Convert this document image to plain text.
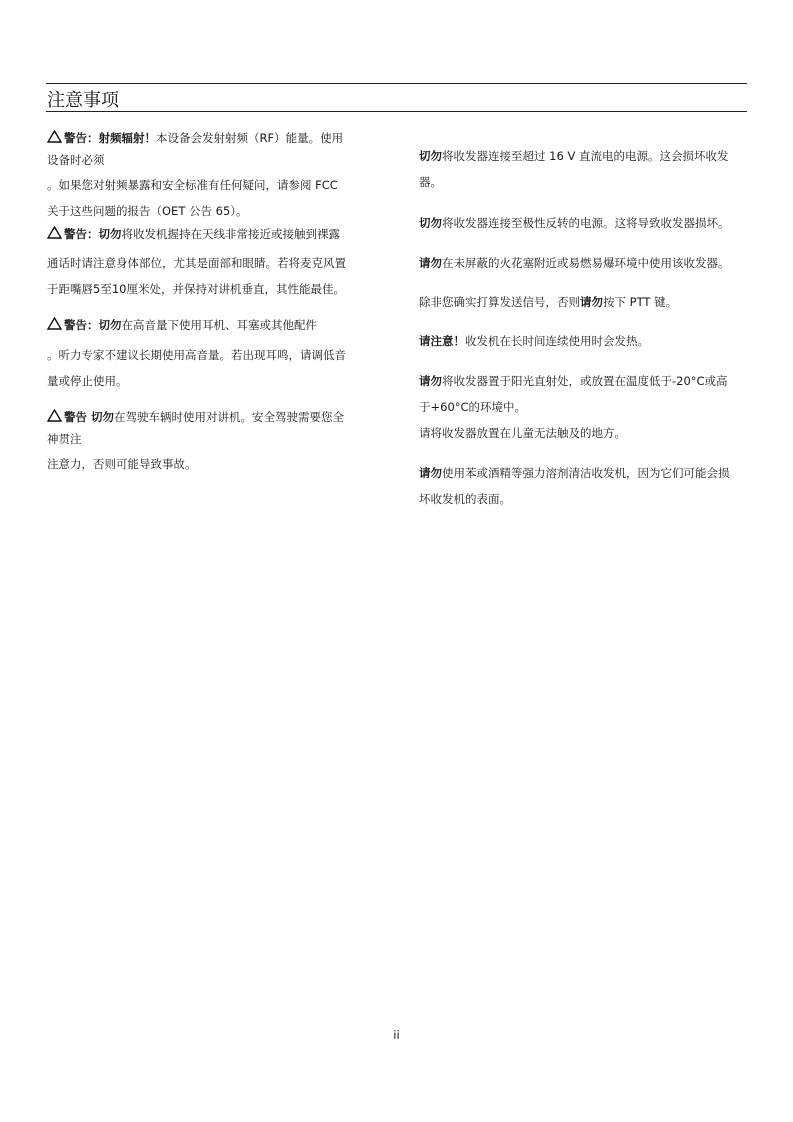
注意事项
警告：射频辐射！本设备会发射射频（RF）能量。使用
设备时必须
。如果您对射频暴露和安全标准有任何疑问，请参阅 FCC
关于这些问题的报告（OET 公告 65）。
警告：切勿将收发机握持在天线非常接近或接触到裸露
通话时请注意身体部位，尤其是面部和眼睛。若将麦克风置
于距嘴唇5至10厘米处，并保持对讲机垂直，其性能最佳。
警告：切勿在高音量下使用耳机、耳塞或其他配件
。听力专家不建议长期使用高音量。若出现耳鸣，请调低音
量或停止使用。
警告 切勿在驾驶车辆时使用对讲机。安全驾驶需要您全
神贯注
注意力，否则可能导致事故。
切勿将收发器连接至超过 16 V 直流电的电源。这会损坏收发
器。
切勿将收发器连接至极性反转的电源。这将导致收发器损坏。
请勿在未屏蔽的火花塞附近或易燃易爆环境中使用该收发器。
除非您确实打算发送信号，否则请勿按下 PTT 键。
请注意！收发机在长时间连续使用时会发热。
请勿将收发器置于阳光直射处，或放置在温度低于-20°C或高
于+60°C的环境中。
请将收发器放置在儿童无法触及的地方。
请勿使用苯或酒精等强力溶剂清洁收发机，因为它们可能会损
坏收发机的表面。
ii
